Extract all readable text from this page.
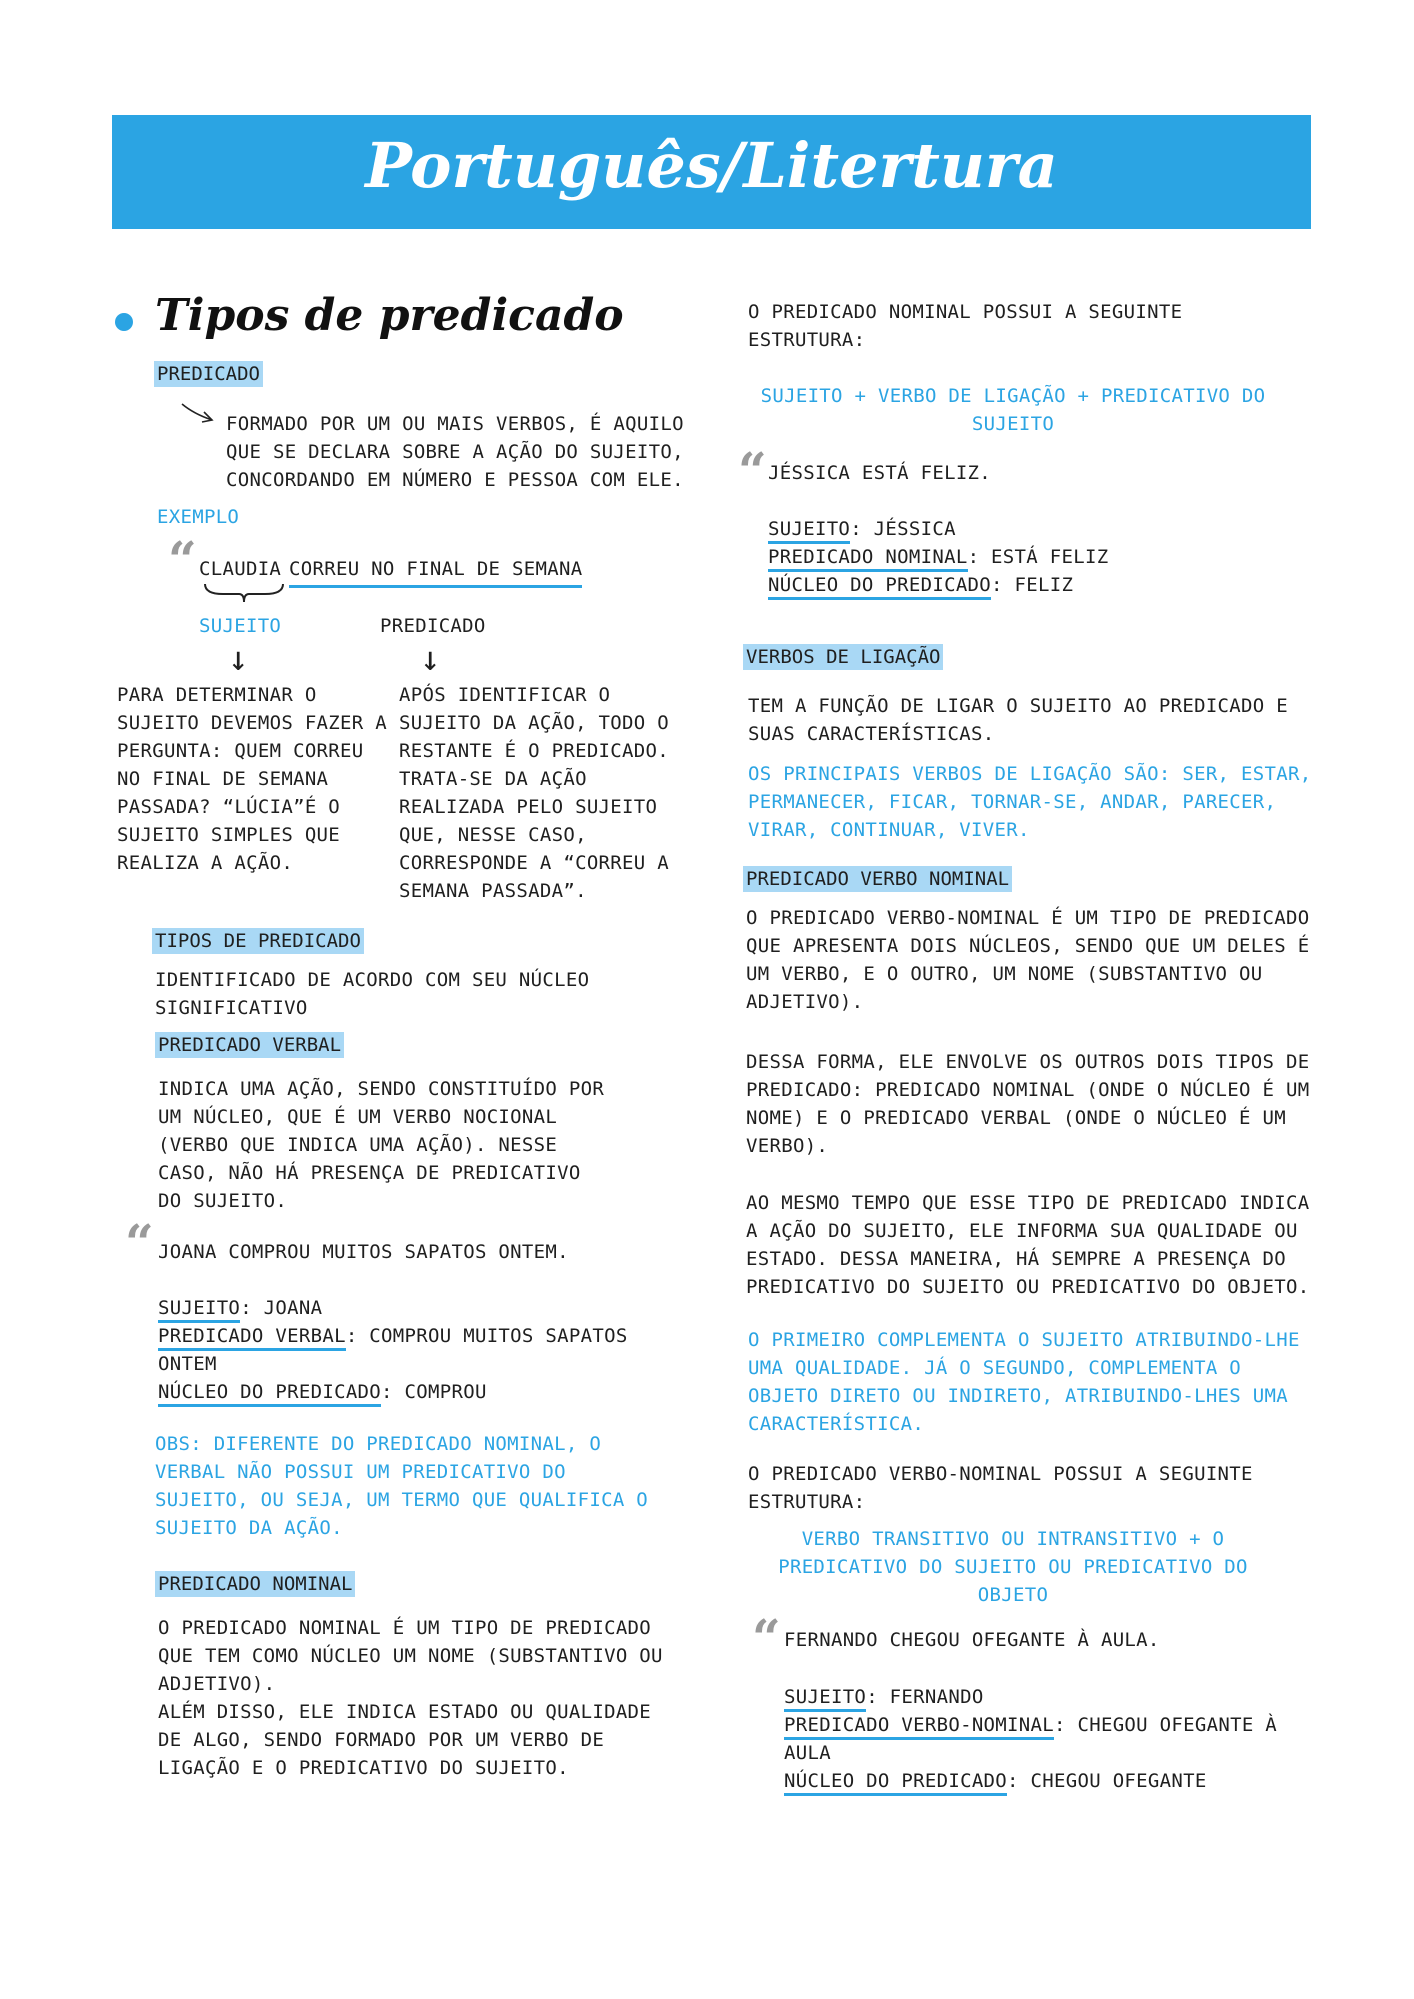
Português/Litertura
Tipos de predicado
PREDICADO
FORMADO POR UM OU MAIS VERBOS, É AQUILO
QUE SE DECLARA SOBRE A AÇÃO DO SUJEITO,
CONCORDANDO EM NÚMERO E PESSOA COM ELE.
EXEMPLO
“ CLAUDIA CORREU NO FINAL DE SEMANA
SUJEITO	PREDICADO
↓	↓
PARA DETERMINAR O
SUJEITO DEVEMOS FAZER A
PERGUNTA: QUEM CORREU
NO FINAL DE SEMANA
PASSADA? “LÚCIA”É O
SUJEITO SIMPLES QUE
REALIZA A AÇÃO.
APÓS IDENTIFICAR O
SUJEITO DA AÇÃO, TODO O
RESTANTE É O PREDICADO.
TRATA-SE DA AÇÃO
REALIZADA PELO SUJEITO
QUE, NESSE CASO,
CORRESPONDE A “CORREU A
SEMANA PASSADA”.
TIPOS DE PREDICADO
IDENTIFICADO DE ACORDO COM SEU NÚCLEO
SIGNIFICATIVO
PREDICADO VERBAL
INDICA UMA AÇÃO, SENDO CONSTITUÍDO POR
UM NÚCLEO, QUE É UM VERBO NOCIONAL
(VERBO QUE INDICA UMA AÇÃO). NESSE
CASO, NÃO HÁ PRESENÇA DE PREDICATIVO
DO SUJEITO.
“ JOANA COMPROU MUITOS SAPATOS ONTEM.
SUJEITO: JOANA
PREDICADO VERBAL: COMPROU MUITOS SAPATOS
ONTEM
NÚCLEO DO PREDICADO: COMPROU
OBS: DIFERENTE DO PREDICADO NOMINAL, O
VERBAL NÃO POSSUI UM PREDICATIVO DO
SUJEITO, OU SEJA, UM TERMO QUE QUALIFICA O
SUJEITO DA AÇÃO.
PREDICADO NOMINAL
O PREDICADO NOMINAL É UM TIPO DE PREDICADO
QUE TEM COMO NÚCLEO UM NOME (SUBSTANTIVO OU
ADJETIVO).
ALÉM DISSO, ELE INDICA ESTADO OU QUALIDADE
DE ALGO, SENDO FORMADO POR UM VERBO DE
LIGAÇÃO E O PREDICATIVO DO SUJEITO.
O PREDICADO NOMINAL POSSUI A SEGUINTE
ESTRUTURA:
SUJEITO + VERBO DE LIGAÇÃO + PREDICATIVO DO
SUJEITO
“ JÉSSICA ESTÁ FELIZ.
SUJEITO: JÉSSICA
PREDICADO NOMINAL: ESTÁ FELIZ
NÚCLEO DO PREDICADO: FELIZ
VERBOS DE LIGAÇÃO
TEM A FUNÇÃO DE LIGAR O SUJEITO AO PREDICADO E
SUAS CARACTERÍSTICAS.
OS PRINCIPAIS VERBOS DE LIGAÇÃO SÃO: SER, ESTAR,
PERMANECER, FICAR, TORNAR-SE, ANDAR, PARECER,
VIRAR, CONTINUAR, VIVER.
PREDICADO VERBO NOMINAL
O PREDICADO VERBO-NOMINAL É UM TIPO DE PREDICADO
QUE APRESENTA DOIS NÚCLEOS, SENDO QUE UM DELES É
UM VERBO, E O OUTRO, UM NOME (SUBSTANTIVO OU
ADJETIVO).
DESSA FORMA, ELE ENVOLVE OS OUTROS DOIS TIPOS DE
PREDICADO: PREDICADO NOMINAL (ONDE O NÚCLEO É UM
NOME) E O PREDICADO VERBAL (ONDE O NÚCLEO É UM
VERBO).
AO MESMO TEMPO QUE ESSE TIPO DE PREDICADO INDICA
A AÇÃO DO SUJEITO, ELE INFORMA SUA QUALIDADE OU
ESTADO. DESSA MANEIRA, HÁ SEMPRE A PRESENÇA DO
PREDICATIVO DO SUJEITO OU PREDICATIVO DO OBJETO.
O PRIMEIRO COMPLEMENTA O SUJEITO ATRIBUINDO-LHE
UMA QUALIDADE. JÁ O SEGUNDO, COMPLEMENTA O
OBJETO DIRETO OU INDIRETO, ATRIBUINDO-LHES UMA
CARACTERÍSTICA.
O PREDICADO VERBO-NOMINAL POSSUI A SEGUINTE
ESTRUTURA:
VERBO TRANSITIVO OU INTRANSITIVO + O
PREDICATIVO DO SUJEITO OU PREDICATIVO DO
OBJETO
“ FERNANDO CHEGOU OFEGANTE À AULA.
SUJEITO: FERNANDO
PREDICADO VERBO-NOMINAL: CHEGOU OFEGANTE À
AULA
NÚCLEO DO PREDICADO: CHEGOU OFEGANTE
